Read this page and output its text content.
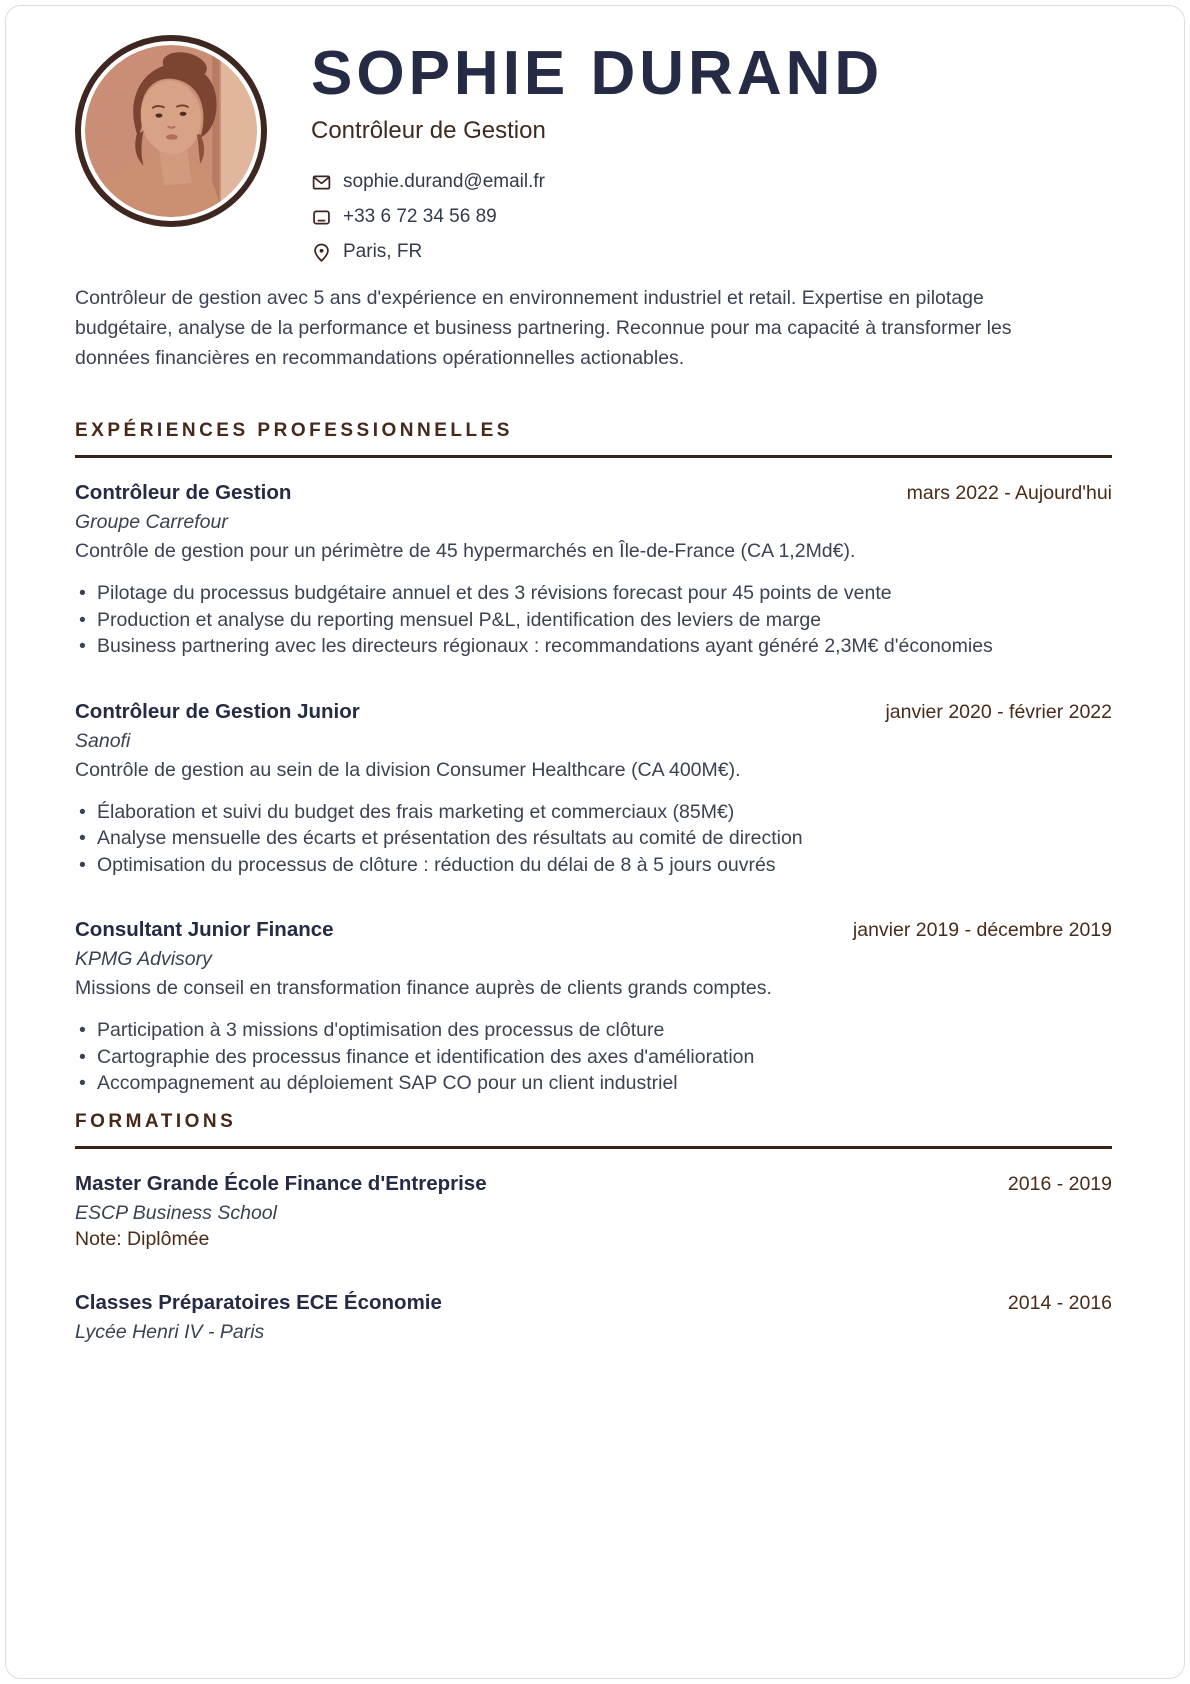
SOPHIE DURAND
Contrôleur de Gestion
sophie.durand@email.fr
+33 6 72 34 56 89
Paris, FR

Contrôleur de gestion avec 5 ans d'expérience en environnement industriel et retail. Expertise en pilotage budgétaire, analyse de la performance et business partnering. Reconnue pour ma capacité à transformer les données financières en recommandations opérationnelles actionables.

EXPÉRIENCES PROFESSIONNELLES
Contrôleur de Gestion	mars 2022 - Aujourd'hui
Groupe Carrefour
Contrôle de gestion pour un périmètre de 45 hypermarchés en Île-de-France (CA 1,2Md€).
• Pilotage du processus budgétaire annuel et des 3 révisions forecast pour 45 points de vente
• Production et analyse du reporting mensuel P&L, identification des leviers de marge
• Business partnering avec les directeurs régionaux : recommandations ayant généré 2,3M€ d'économies
Contrôleur de Gestion Junior	janvier 2020 - février 2022
Sanofi
Contrôle de gestion au sein de la division Consumer Healthcare (CA 400M€).
• Élaboration et suivi du budget des frais marketing et commerciaux (85M€)
• Analyse mensuelle des écarts et présentation des résultats au comité de direction
• Optimisation du processus de clôture : réduction du délai de 8 à 5 jours ouvrés
Consultant Junior Finance	janvier 2019 - décembre 2019
KPMG Advisory
Missions de conseil en transformation finance auprès de clients grands comptes.
• Participation à 3 missions d'optimisation des processus de clôture
• Cartographie des processus finance et identification des axes d'amélioration
• Accompagnement au déploiement SAP CO pour un client industriel
FORMATIONS
Master Grande École Finance d'Entreprise	2016 - 2019
ESCP Business School
Note: Diplômée
Classes Préparatoires ECE Économie	2014 - 2016
Lycée Henri IV - Paris
